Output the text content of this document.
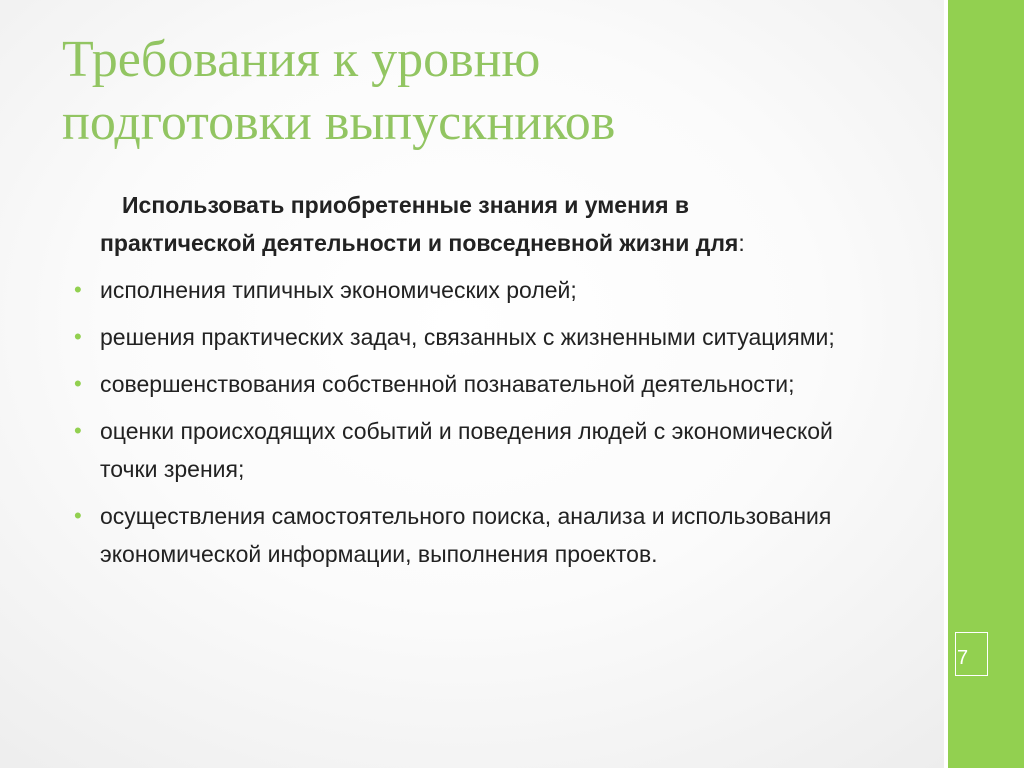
7
Требования к уровню
подготовки выпускников

Использовать приобретенные знания и умения в
практической деятельности и повседневной жизни для:

• исполнения типичных экономических ролей;
• решения практических задач, связанных с жизненными ситуациями;
• совершенствования собственной познавательной деятельности;
• оценки происходящих событий и поведения людей с экономической точки зрения;
• осуществления самостоятельного поиска, анализа и использования экономической информации, выполнения проектов.
